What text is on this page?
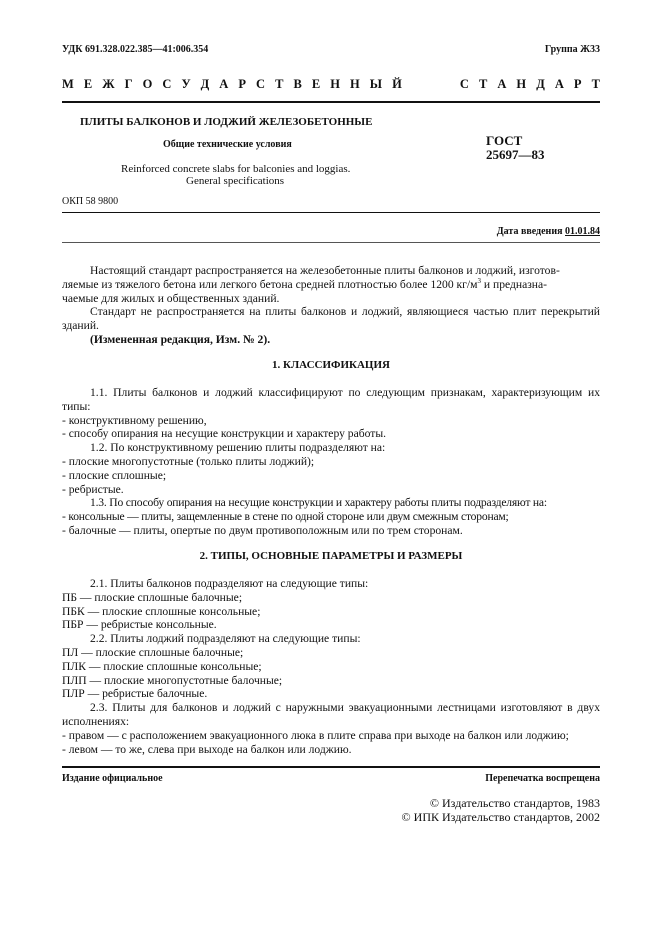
УДК 691.328.022.385—41:006.354	Группа Ж33
М Е Ж Г О С У Д А Р С Т В Е Н Н Ы Й	С Т А Н Д А Р Т
ПЛИТЫ БАЛКОНОВ И ЛОДЖИЙ ЖЕЛЕЗОБЕТОННЫЕ
Общие технические условия
Reinforced concrete slabs for balconies and loggias.
General specifications
ГОСТ
25697—83
ОКП 58 9800
Дата введения 01.01.84

Настоящий стандарт распространяется на железобетонные плиты балконов и лоджий, изготов-

ляемые из тяжелого бетона или легкого бетона средней плотностью более 1200 $кг/м^3$ и предназна-

чаемые для жилых и общественных зданий.

Стандарт не распространяется на плиты балконов и лоджий, являющиеся частью плит перекрытий зданий.

(Измененная редакция, Изм. № 2).

1. КЛАССИФИКАЦИЯ

1.1. Плиты балконов и лоджий классифицируют по следующим признакам, характеризующим их типы:

- конструктивному решению,

- способу опирания на несущие конструкции и характеру работы.

1.2. По конструктивному решению плиты подразделяют на:

- плоские многопустотные (только плиты лоджий);

- плоские сплошные;

- ребристые.

1.3. По способу опирания на несущие конструкции и характеру работы плиты подразделяют на:

- консольные — плиты, защемленные в стене по одной стороне или двум смежным сторонам;

- балочные — плиты, опертые по двум противоположным или по трем сторонам.

2. ТИПЫ, ОСНОВНЫЕ ПАРАМЕТРЫ И РАЗМЕРЫ

2.1. Плиты балконов подразделяют на следующие типы:

ПБ — плоские сплошные балочные;

ПБК — плоские сплошные консольные;

ПБР — ребристые консольные.

2.2. Плиты лоджий подразделяют на следующие типы:

ПЛ — плоские сплошные балочные;

ПЛК — плоские сплошные консольные;

ПЛП — плоские многопустотные балочные;

ПЛР — ребристые балочные.

2.3. Плиты для балконов и лоджий с наружными эвакуационными лестницами изготовляют в двух исполнениях:

- правом — с расположением эвакуационного люка в плите справа при выходе на балкон или лоджию;

- левом — то же, слева при выходе на балкон или лоджию.

Издание официальное	Перепечатка воспрещена
© Издательство стандартов, 1983
© ИПК Издательство стандартов, 2002
